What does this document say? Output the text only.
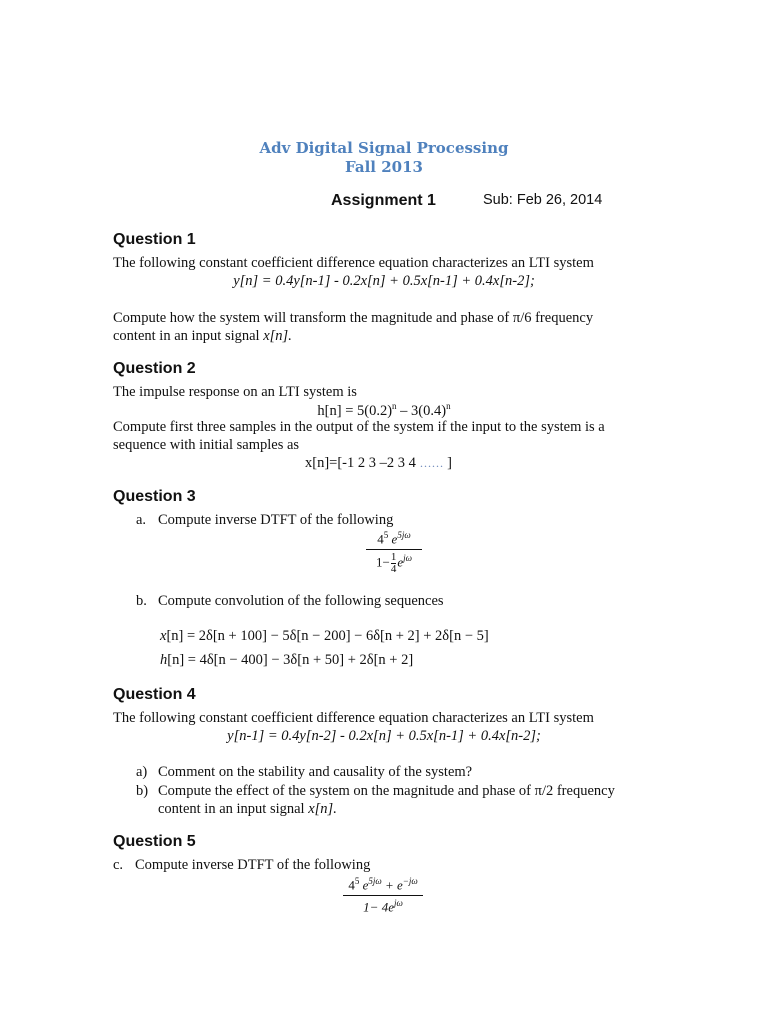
Adv Digital Signal Processing
Fall 2013
Assignment 1	Sub: Feb 26, 2014
Question 1
The following constant coefficient difference equation characterizes an LTI system
y[n] = 0.4y[n-1] - 0.2x[n] + 0.5x[n-1] + 0.4x[n-2];
Compute how the system will transform the magnitude and phase of π/6 frequency
content in an input signal x[n].
Question 2
The impulse response on an LTI system is
$h[n] = 5(0.2)^n - 3(0.4)^n$
Compute first three samples in the output of the system if the input to the system is a
sequence with initial samples as
x[n]=[-1 2 3 –2 3 4 …… ]
Question 3
a. Compute inverse DTFT of the following
$4^5$ $e^{5j\omega}$
$1- \frac{1}{4} e^{j\omega}$
b. Compute convolution of the following sequences
x[n] = 2δ[n + 100] − 5δ[n − 200] − 6δ[n + 2] + 2δ[n − 5]
h[n] = 4δ[n − 400] − 3δ[n + 50] + 2δ[n + 2]
Question 4
The following constant coefficient difference equation characterizes an LTI system
y[n-1] = 0.4y[n-2] - 0.2x[n] + 0.5x[n-1] + 0.4x[n-2];
a) Comment on the stability and causality of the system?
b) Compute the effect of the system on the magnitude and phase of π/2 frequency
content in an input signal x[n].
Question 5
c. Compute inverse DTFT of the following
$4^5$ $e^{5j\omega} + e^{-j\omega}$
$1- 4e^{j\omega}$
